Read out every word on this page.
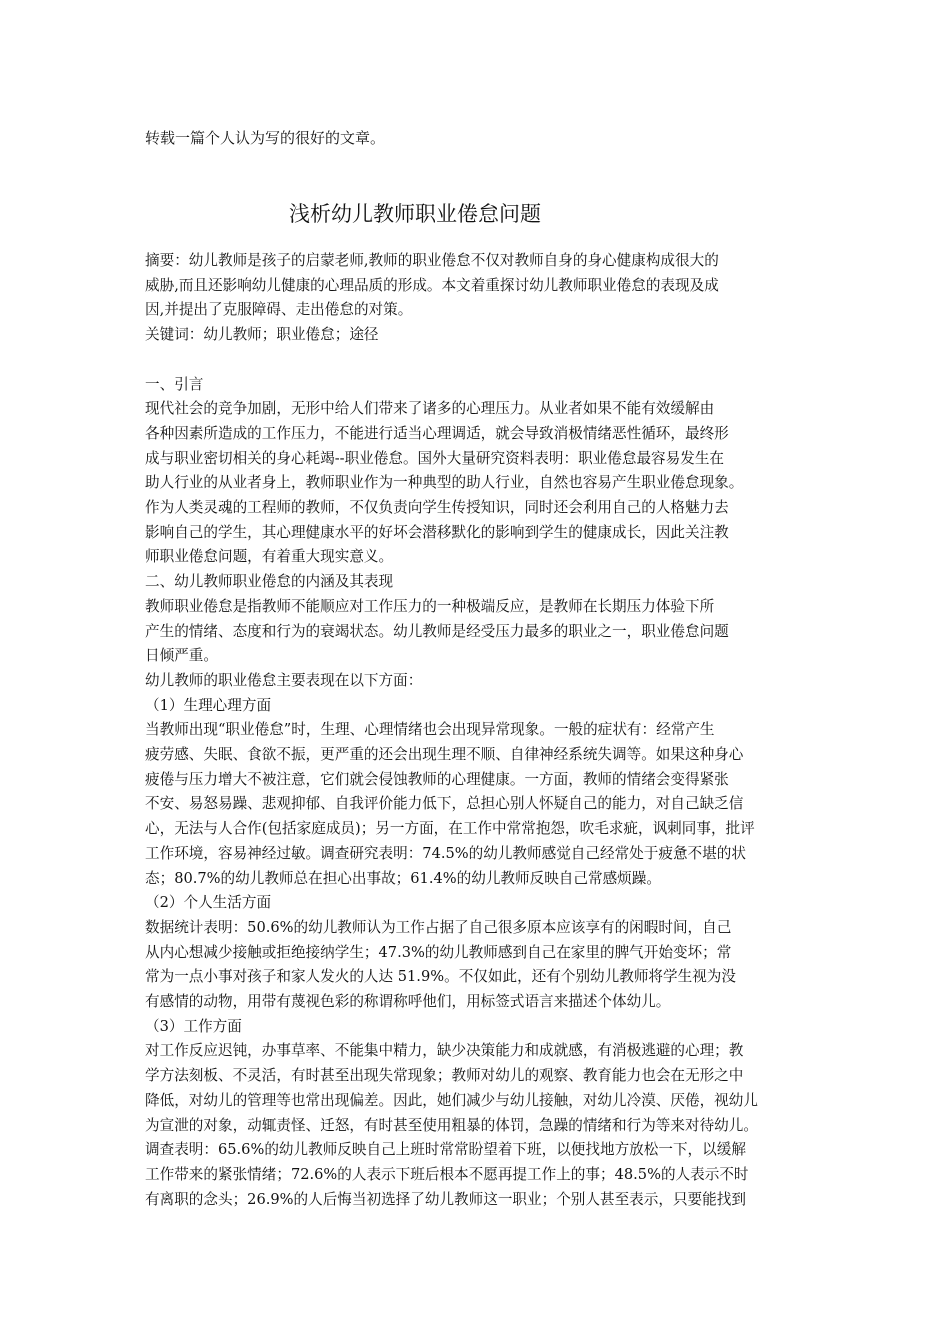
转载一篇个人认为写的很好的文章。
浅析幼儿教师职业倦怠问题

摘要：幼儿教师是孩子的启蒙老师,教师的职业倦怠不仅对教师自身的身心健康构成很大的

威胁,而且还影响幼儿健康的心理品质的形成。本文着重探讨幼儿教师职业倦怠的表现及成

因,并提出了克服障碍、走出倦怠的对策。

关键词：幼儿教师；职业倦怠；途径

一、引言

现代社会的竞争加剧，无形中给人们带来了诸多的心理压力。从业者如果不能有效缓解由

各种因素所造成的工作压力，不能进行适当心理调适，就会导致消极情绪恶性循环，最终形

成与职业密切相关的身心耗竭--职业倦怠。国外大量研究资料表明：职业倦怠最容易发生在

助人行业的从业者身上，教师职业作为一种典型的助人行业，自然也容易产生职业倦怠现象。

作为人类灵魂的工程师的教师，不仅负责向学生传授知识，同时还会利用自己的人格魅力去

影响自己的学生，其心理健康水平的好坏会潜移默化的影响到学生的健康成长，因此关注教

师职业倦怠问题，有着重大现实意义。

二、幼儿教师职业倦怠的内涵及其表现

教师职业倦怠是指教师不能顺应对工作压力的一种极端反应，是教师在长期压力体验下所

产生的情绪、态度和行为的衰竭状态。幼儿教师是经受压力最多的职业之一，职业倦怠问题

日倾严重。

幼儿教师的职业倦怠主要表现在以下方面：

（1）生理心理方面

当教师出现“职业倦怠”时，生理、心理情绪也会出现异常现象。一般的症状有：经常产生

疲劳感、失眠、食欲不振，更严重的还会出现生理不顺、自律神经系统失调等。如果这种身心

疲倦与压力增大不被注意，它们就会侵蚀教师的心理健康。一方面，教师的情绪会变得紧张

不安、易怒易躁、悲观抑郁、自我评价能力低下，总担心别人怀疑自己的能力，对自己缺乏信

心，无法与人合作(包括家庭成员)；另一方面，在工作中常常抱怨，吹毛求疵，讽刺同事，批评

工作环境，容易神经过敏。调查研究表明：74.5%的幼儿教师感觉自己经常处于疲惫不堪的状

态；80.7%的幼儿教师总在担心出事故；61.4%的幼儿教师反映自己常感烦躁。

（2）个人生活方面

数据统计表明：50.6%的幼儿教师认为工作占据了自己很多原本应该享有的闲暇时间，自己

从内心想减少接触或拒绝接纳学生；47.3%的幼儿教师感到自己在家里的脾气开始变坏；常

常为一点小事对孩子和家人发火的人达 51.9%。不仅如此，还有个别幼儿教师将学生视为没

有感情的动物，用带有蔑视色彩的称谓称呼他们，用标签式语言来描述个体幼儿。

（3）工作方面

对工作反应迟钝，办事草率、不能集中精力，缺少决策能力和成就感，有消极逃避的心理；教

学方法刻板、不灵活，有时甚至出现失常现象；教师对幼儿的观察、教育能力也会在无形之中

降低，对幼儿的管理等也常出现偏差。因此，她们减少与幼儿接触，对幼儿冷漠、厌倦，视幼儿

为宣泄的对象，动辄责怪、迁怒，有时甚至使用粗暴的体罚，急躁的情绪和行为等来对待幼儿。

调查表明：65.6%的幼儿教师反映自己上班时常常盼望着下班，以便找地方放松一下，以缓解

工作带来的紧张情绪；72.6%的人表示下班后根本不愿再提工作上的事；48.5%的人表示不时

有离职的念头；26.9%的人后悔当初选择了幼儿教师这一职业；个别人甚至表示，只要能找到
